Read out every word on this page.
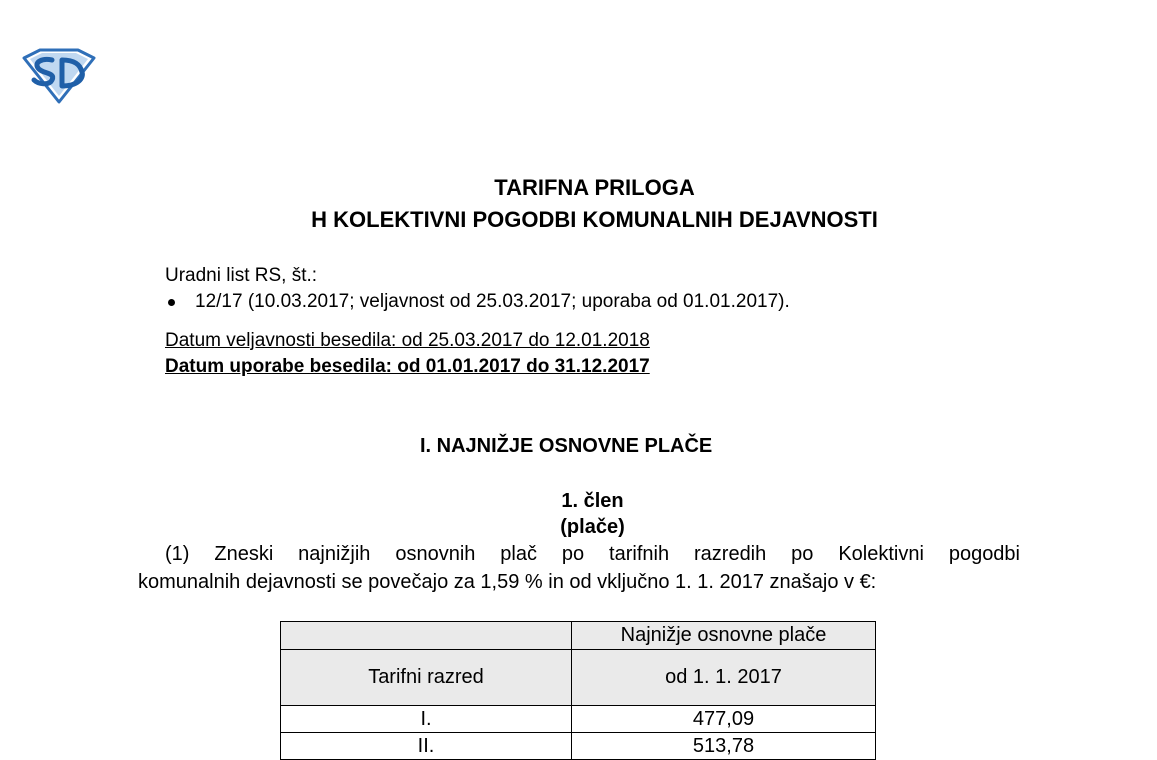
TARIFNA PRILOGA
H KOLEKTIVNI POGODBI KOMUNALNIH DEJAVNOSTI
Uradni list RS, št.:
12/17 (10.03.2017; veljavnost od 25.03.2017; uporaba od 01.01.2017).
Datum veljavnosti besedila: od 25.03.2017 do 12.01.2018
Datum uporabe besedila: od 01.01.2017 do 31.12.2017
I. NAJNIŽJE OSNOVNE PLAČE
1. člen
(plače)
(1) Zneski najnižjih osnovnih plač po tarifnih razredih po Kolektivni pogodbi
komunalnih dejavnosti se povečajo za 1,59 % in od vključno 1. 1. 2017 znašajo v €:
	Najnižje osnovne plače
Tarifni razred	od 1. 1. 2017
I.	477,09
II.	513,78
